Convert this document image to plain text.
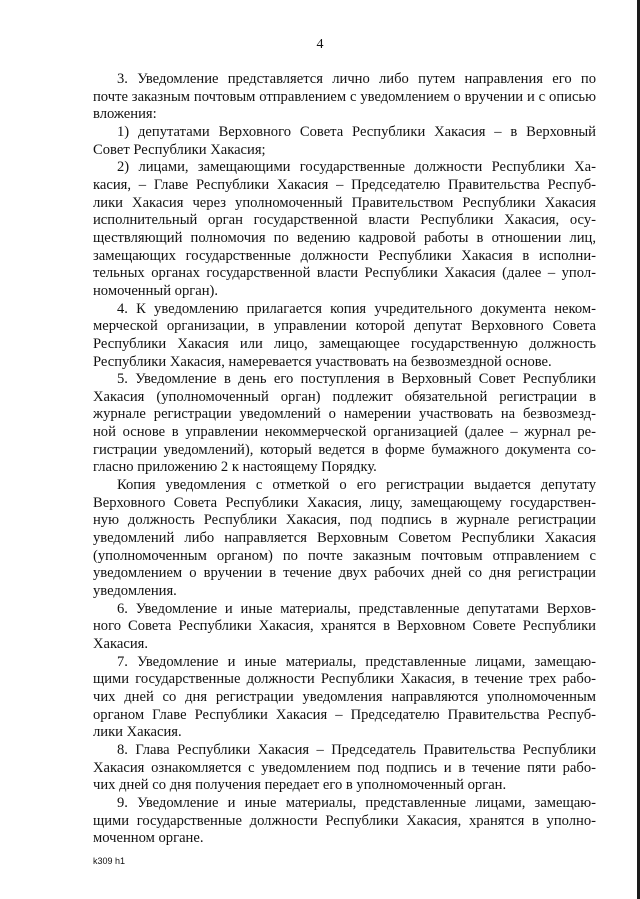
4
3. Уведомление представляется лично либо путем направления его по
почте заказным почтовым отправлением с уведомлением о вручении и с описью
вложения:
1) депутатами Верховного Совета Республики Хакасия – в Верховный
Совет Республики Хакасия;
2) лицами, замещающими государственные должности Республики Ха-
касия, – Главе Республики Хакасия – Председателю Правительства Респуб-
лики Хакасия через уполномоченный Правительством Республики Хакасия
исполнительный орган государственной власти Республики Хакасия, осу-
ществляющий полномочия по ведению кадровой работы в отношении лиц,
замещающих государственные должности Республики Хакасия в исполни-
тельных органах государственной власти Республики Хакасия (далее – упол-
номоченный орган).
4. К уведомлению прилагается копия учредительного документа неком-
мерческой организации, в управлении которой депутат Верховного Совета
Республики Хакасия или лицо, замещающее государственную должность
Республики Хакасия, намеревается участвовать на безвозмездной основе.
5. Уведомление в день его поступления в Верховный Совет Республики
Хакасия (уполномоченный орган) подлежит обязательной регистрации в
журнале регистрации уведомлений о намерении участвовать на безвозмезд-
ной основе в управлении некоммерческой организацией (далее – журнал ре-
гистрации уведомлений), который ведется в форме бумажного документа со-
гласно приложению 2 к настоящему Порядку.
Копия уведомления с отметкой о его регистрации выдается депутату
Верховного Совета Республики Хакасия, лицу, замещающему государствен-
ную должность Республики Хакасия, под подпись в журнале регистрации
уведомлений либо направляется Верховным Советом Республики Хакасия
(уполномоченным органом) по почте заказным почтовым отправлением с
уведомлением о вручении в течение двух рабочих дней со дня регистрации
уведомления.
6. Уведомление и иные материалы, представленные депутатами Верхов-
ного Совета Республики Хакасия, хранятся в Верховном Совете Республики
Хакасия.
7. Уведомление и иные материалы, представленные лицами, замещаю-
щими государственные должности Республики Хакасия, в течение трех рабо-
чих дней со дня регистрации уведомления направляются уполномоченным
органом Главе Республики Хакасия – Председателю Правительства Респуб-
лики Хакасия.
8. Глава Республики Хакасия – Председатель Правительства Республики
Хакасия ознакомляется с уведомлением под подпись и в течение пяти рабо-
чих дней со дня получения передает его в уполномоченный орган.
9. Уведомление и иные материалы, представленные лицами, замещаю-
щими государственные должности Республики Хакасия, хранятся в уполно-
моченном органе.
k309 h1
